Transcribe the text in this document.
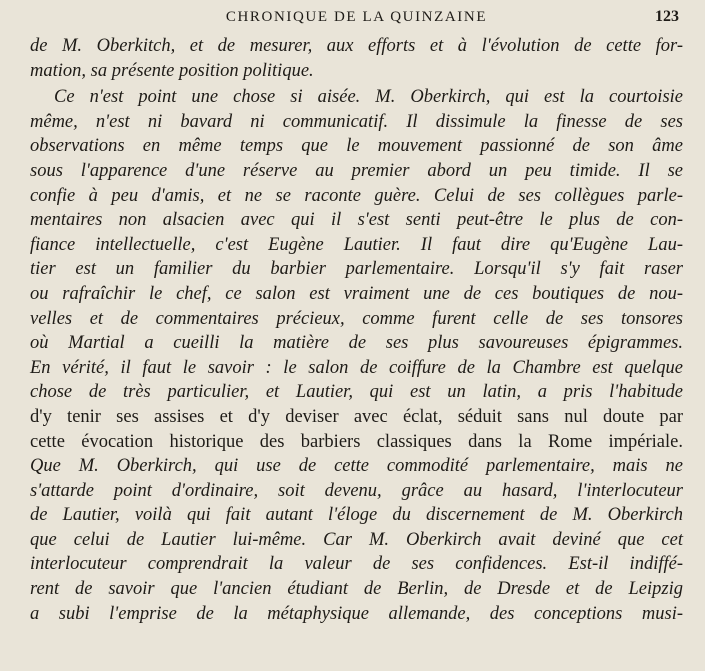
CHRONIQUE DE LA QUINZAINE	123
de M. Oberkitch, et de mesurer, aux efforts et à l'évolution de cette for-
mation, sa présente position politique.
Ce n'est point une chose si aisée. M. Oberkirch, qui est la courtoisie
même, n'est ni bavard ni communicatif. Il dissimule la finesse de ses
observations en même temps que le mouvement passionné de son âme
sous l'apparence d'une réserve au premier abord un peu timide. Il se
confie à peu d'amis, et ne se raconte guère. Celui de ses collègues parle-
mentaires non alsacien avec qui il s'est senti peut-être le plus de con-
fiance intellectuelle, c'est Eugène Lautier. Il faut dire qu'Eugène Lau-
tier est un familier du barbier parlementaire. Lorsqu'il s'y fait raser
ou rafraîchir le chef, ce salon est vraiment une de ces boutiques de nou-
velles et de commentaires précieux, comme furent celle de ses tonsores
où Martial a cueilli la matière de ses plus savoureuses épigrammes.
En vérité, il faut le savoir : le salon de coiffure de la Chambre est quelque
chose de très particulier, et Lautier, qui est un latin, a pris l'habitude
d'y tenir ses assises et d'y deviser avec éclat, séduit sans nul doute par
cette évocation historique des barbiers classiques dans la Rome impériale.
Que M. Oberkirch, qui use de cette commodité parlementaire, mais ne
s'attarde point d'ordinaire, soit devenu, grâce au hasard, l'interlocuteur
de Lautier, voilà qui fait autant l'éloge du discernement de M. Oberkirch
que celui de Lautier lui-même. Car M. Oberkirch avait deviné que cet
interlocuteur comprendrait la valeur de ses confidences. Est-il indiffé-
rent de savoir que l'ancien étudiant de Berlin, de Dresde et de Leipzig
a subi l'emprise de la métaphysique allemande, des conceptions musi-
